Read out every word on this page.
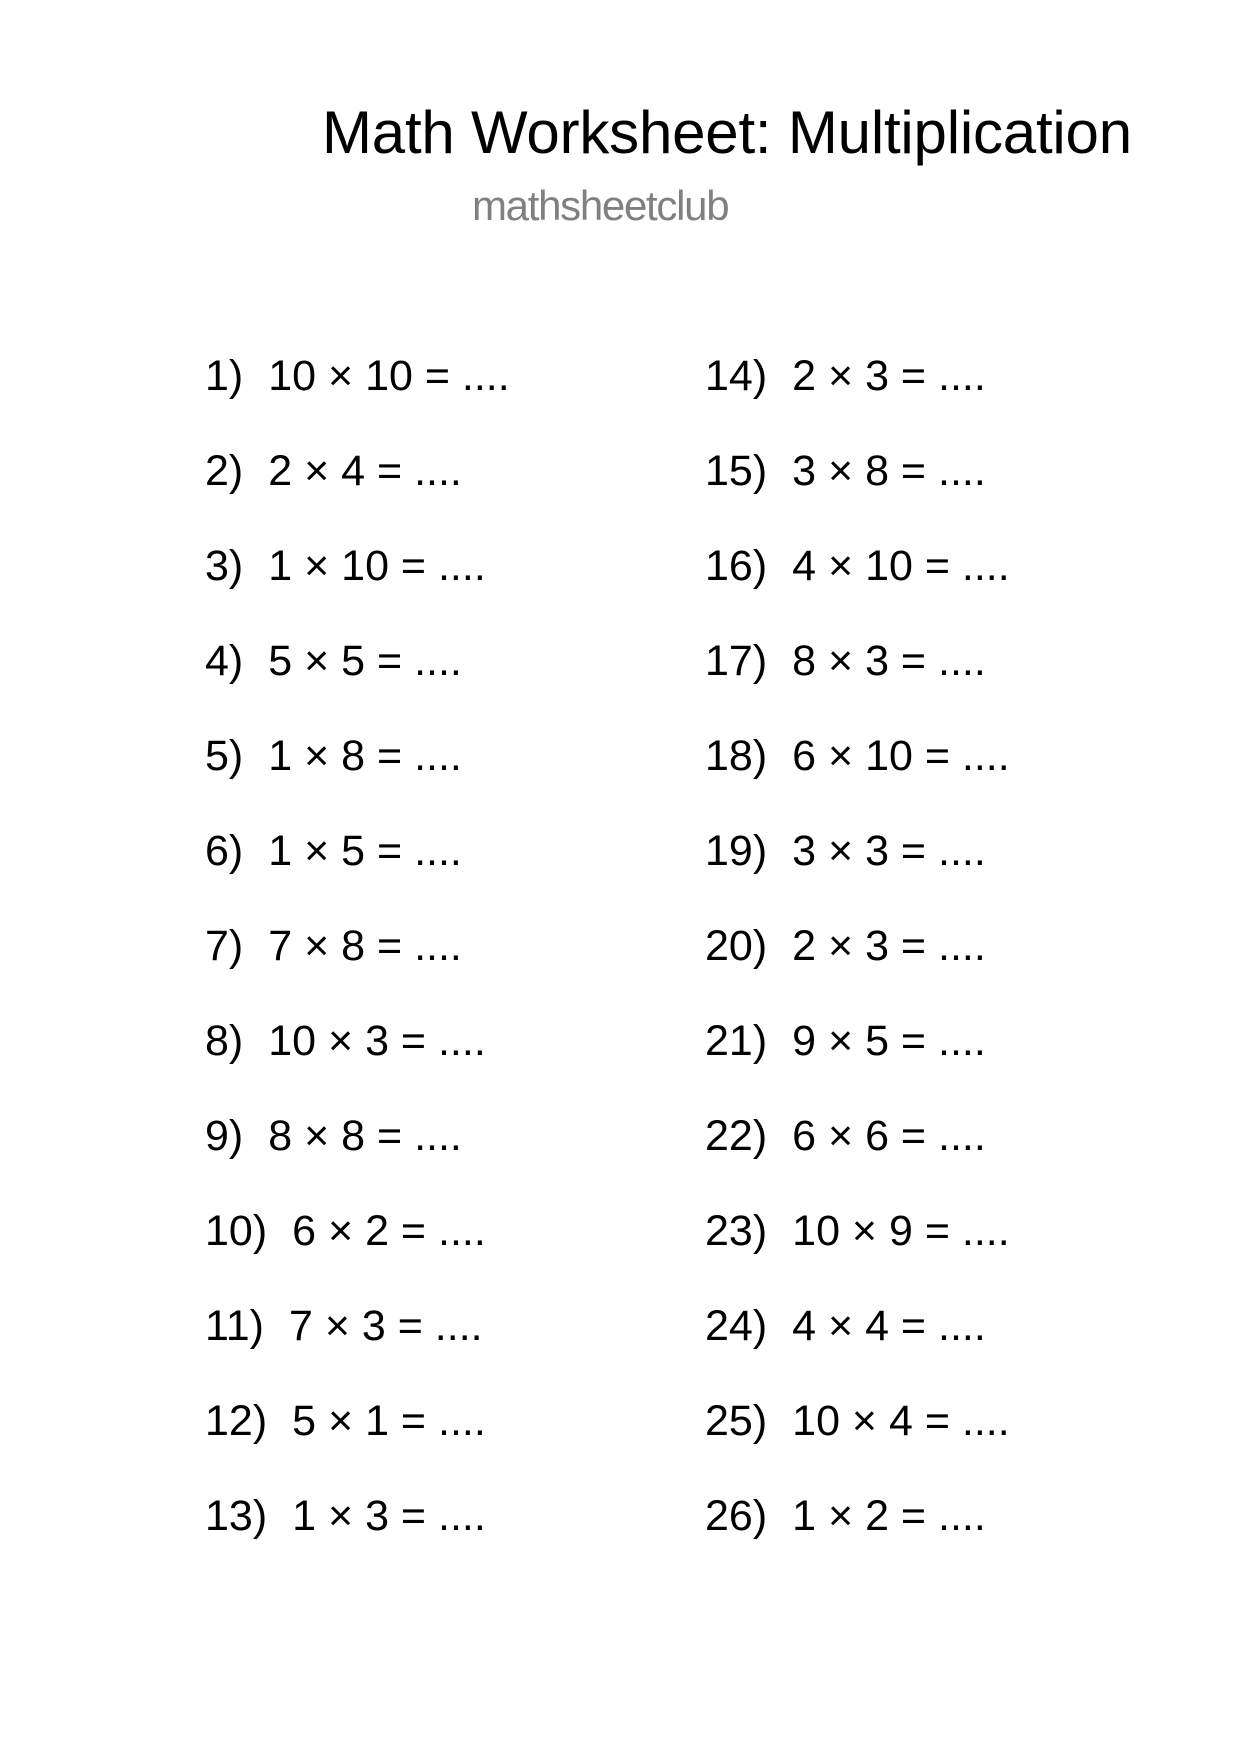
Math Worksheet: Multiplication
mathsheetclub
1) 10 × 10 = ....
2) 2 × 4 = ....
3) 1 × 10 = ....
4) 5 × 5 = ....
5) 1 × 8 = ....
6) 1 × 5 = ....
7) 7 × 8 = ....
8) 10 × 3 = ....
9) 8 × 8 = ....
10) 6 × 2 = ....
11) 7 × 3 = ....
12) 5 × 1 = ....
13) 1 × 3 = ....
14) 2 × 3 = ....
15) 3 × 8 = ....
16) 4 × 10 = ....
17) 8 × 3 = ....
18) 6 × 10 = ....
19) 3 × 3 = ....
20) 2 × 3 = ....
21) 9 × 5 = ....
22) 6 × 6 = ....
23) 10 × 9 = ....
24) 4 × 4 = ....
25) 10 × 4 = ....
26) 1 × 2 = ....
